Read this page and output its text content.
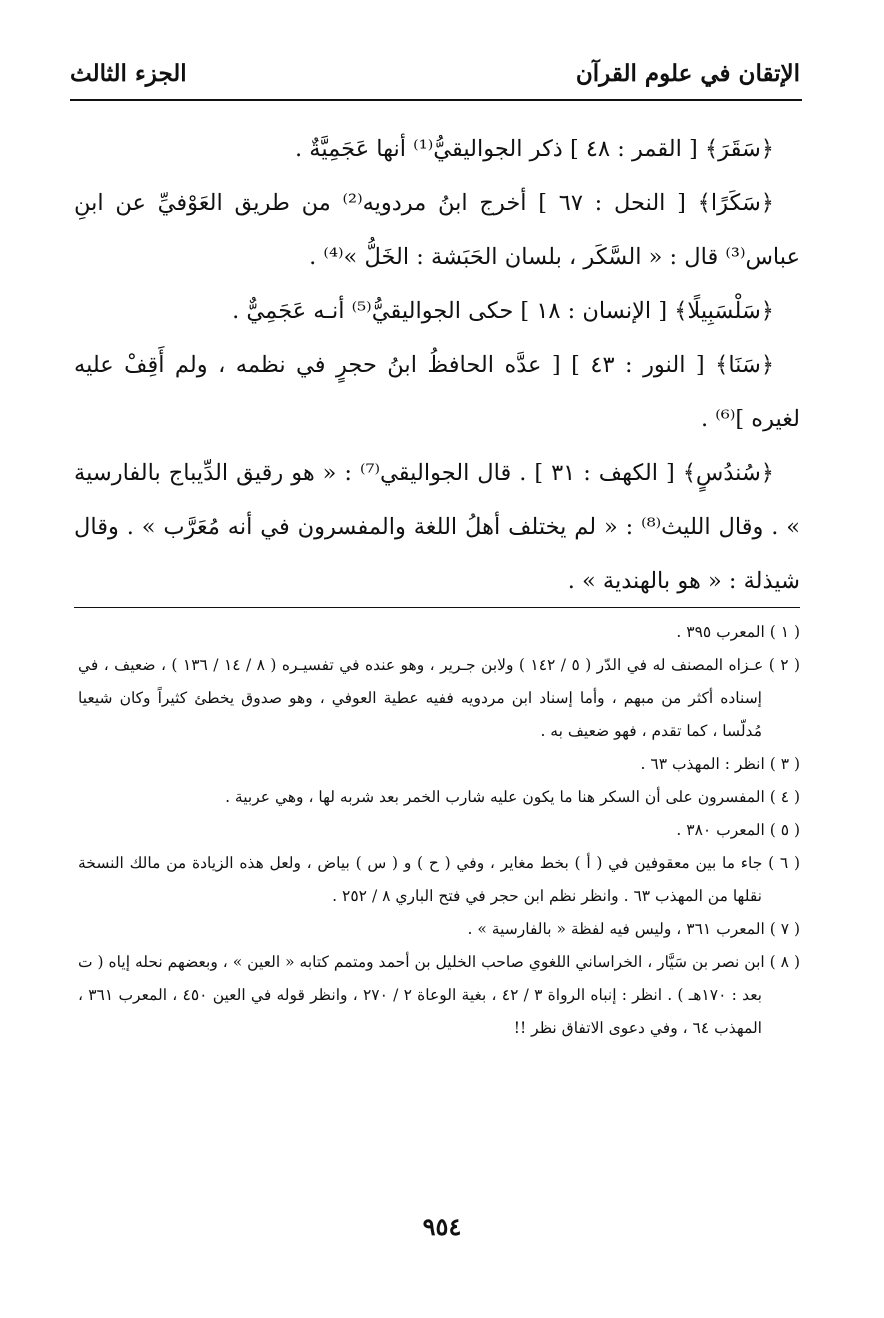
الإتقان في علوم القرآن
الجزء الثالث

﴿سَقَرَ﴾ [ القمر : ٤٨ ] ذكر الجواليقيُّ⁽¹⁾ أنها عَجَمِيَّةٌ .

﴿سَكَرًا﴾ [ النحل : ٦٧ ] أخرج ابنُ مردويه⁽²⁾ من طريق العَوْفيِّ عن ابنِ عباس⁽³⁾ قال : « السَّكَر ، بلسان الحَبَشة : الخَلُّ »⁽⁴⁾ .

﴿سَلْسَبِيلًا﴾ [ الإنسان : ١٨ ] حكى الجواليقيُّ⁽⁵⁾ أنـه عَجَمِيٌّ .

﴿سَنَا﴾ [ النور : ٤٣ ] [ عدَّه الحافظُ ابنُ حجرٍ في نظمه ، ولم أَقِفْ عليه لغيره ]⁽⁶⁾ .

﴿سُندُسٍ﴾ [ الكهف : ٣١ ] . قال الجواليقي⁽⁷⁾ : « هو رقيق الدِّيباج بالفارسية » . وقال الليث⁽⁸⁾ : « لم يختلف أهلُ اللغة والمفسرون في أنه مُعَرَّب » . وقال شيذلة : « هو بالهندية » .

( ١ ) المعرب ٣٩٥ .

( ٢ ) عـزاه المصنف له في الدّر ( ٥ / ١٤٢ ) ولابن جـرير ، وهو عنده في تفسيـره ( ٨ / ١٤ / ١٣٦ ) ، ضعيف ، في إسناده أكثر من مبهم ، وأما إسناد ابن مردويه ففيه عطية العوفي ، وهو صدوق يخطئ كثيراً وكان شيعيا مُدلّسا ، كما تقدم ، فهو ضعيف به .

( ٣ ) انظر : المهذب ٦٣ .

( ٤ ) المفسرون على أن السكر هنا ما يكون عليه شارب الخمر بعد شربه لها ، وهي عربية .

( ٥ ) المعرب ٣٨٠ .

( ٦ ) جاء ما بين معقوفين في ( أ ) بخط مغاير ، وفي ( ح ) و ( س ) بياض ، ولعل هذه الزيادة من مالك النسخة نقلها من المهذب ٦٣ . وانظر نظم ابن حجر في فتح الباري ٨ / ٢٥٢ .

( ٧ ) المعرب ٣٦١ ، وليس فيه لفظة « بالفارسية » .

( ٨ ) ابن نصر بن سَيَّار ، الخراساني اللغوي صاحب الخليل بن أحمد ومتمم كتابه « العين » ، وبعضهم نحله إياه ( ت بعد : ١٧٠هـ ) . انظر : إنباه الرواة ٣ / ٤٢ ، بغية الوعاة ٢ / ٢٧٠ ، وانظر قوله في العين ٤٥٠ ، المعرب ٣٦١ ، المهذب ٦٤ ، وفي دعوى الاتفاق نظر !!

٩٥٤
